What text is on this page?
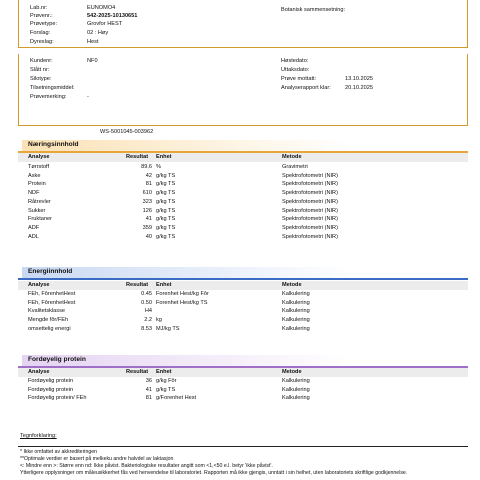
Lab.nr:	EUNOMO4
Prøvenr.:	542-2025-10130651
Prøvetype:	Grovfor HEST
Forslag:	02 : Høy
Dyreslag:	Hest
Botanisk sammensetning:
Kundenr:	NF0
Slått nr:
Silotype:
Tilsetningsmiddel:
Prøvemerking:	-
Høstedato:
Uttaksdato:
Prøve mottatt:	13.10.2025
Analyserapport klar:	20.10.2025
WS-5001045-003962
Næringsinnhold
Analyse	Resultat Enhet	Metode
Tørrstoff	89.6 %	Gravimetri
Aske	42 g/kg TS	Spektrofotometri (NIR)
Protein	81 g/kg TS	Spektrofotometri (NIR)
NDF	610 g/kg TS	Spektrofotometri (NIR)
Råtrevler	323 g/kg TS	Spektrofotometri (NIR)
Sukker	126 g/kg TS	Spektrofotometri (NIR)
Fruktaner	41 g/kg TS	Spektrofotometri (NIR)
ADF	359 g/kg TS	Spektrofotometri (NIR)
ADL	40 g/kg TS	Spektrofotometri (NIR)
Energiinnhold
Analyse	Resultat Enhet	Metode
FEh, FôrenhetHest	0.45 Forenhet Hest/kg Fôr	Kalkulering
FEh, FôrenhetHest	0.50 Forenhet Hest/kg TS	Kalkulering
Kvalitetsklasse	H4	Kalkulering
Mengde fôr/FEh	2.2 kg	Kalkulering
omsettelig energi	8.53 MJ/kg TS	Kalkulering
Fordøyelig protein
Analyse	Resultat Enhet	Metode
Fordøyelig protein	36 g/kg Fôr	Kalkulering
Fordøyelig protein	41 g/kg TS	Kalkulering
Fordøyelig protein/ FEh	81 g/Forenhet Hest	Kalkulering
Tegnforklaring:
* Ikke omfattet av akkrediteringen
**Optimale verdier er basert på melkeku andre halvdel av laktasjon
<: Mindre enn >: Større enn nd: Ikke påvist. Bakteriologiske resultater angitt som <1,<50 e.l. betyr 'ikke påvist'.
Ytterligere opplysninger om måleusikkerhet fås ved henvendelse til laboratoriet. Rapporten må ikke gjengis, unntatt i sin helhet, uten laboratoriets skriftlige godkjennelse.
